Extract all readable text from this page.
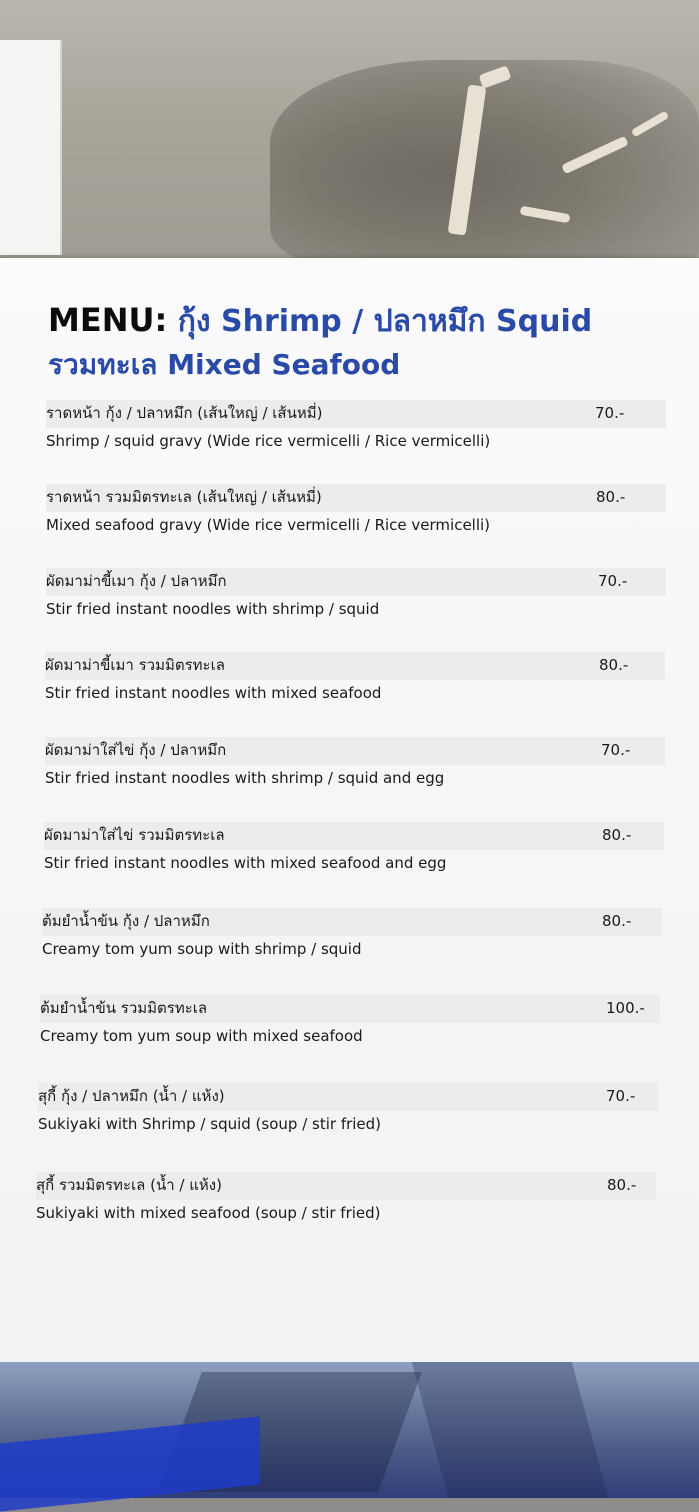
MENU: กุ้ง Shrimp / ปลาหมึก Squid
รวมทะเล Mixed Seafood
ราดหน้า กุ้ง / ปลาหมึก (เส้นใหญ่ / เส้นหมี่)	70.-
Shrimp / squid gravy (Wide rice vermicelli / Rice vermicelli)
ราดหน้า รวมมิตรทะเล (เส้นใหญ่ / เส้นหมี่)	80.-
Mixed seafood gravy (Wide rice vermicelli / Rice vermicelli)
ผัดมาม่าขี้เมา กุ้ง / ปลาหมึก	70.-
Stir fried instant noodles with shrimp / squid
ผัดมาม่าขี้เมา รวมมิตรทะเล	80.-
Stir fried instant noodles with mixed seafood
ผัดมาม่าใส่ไข่ กุ้ง / ปลาหมึก	70.-
Stir fried instant noodles with shrimp / squid and egg
ผัดมาม่าใส่ไข่ รวมมิตรทะเล	80.-
Stir fried instant noodles with mixed seafood and egg
ต้มยำน้ำข้น กุ้ง / ปลาหมึก	80.-
Creamy tom yum soup with shrimp / squid
ต้มยำน้ำข้น รวมมิตรทะเล	100.-
Creamy tom yum soup with mixed seafood
สุกี้ กุ้ง / ปลาหมึก (น้ำ / แห้ง)	70.-
Sukiyaki with Shrimp / squid (soup / stir fried)
สุกี้ รวมมิตรทะเล (น้ำ / แห้ง)	80.-
Sukiyaki with mixed seafood (soup / stir fried)
